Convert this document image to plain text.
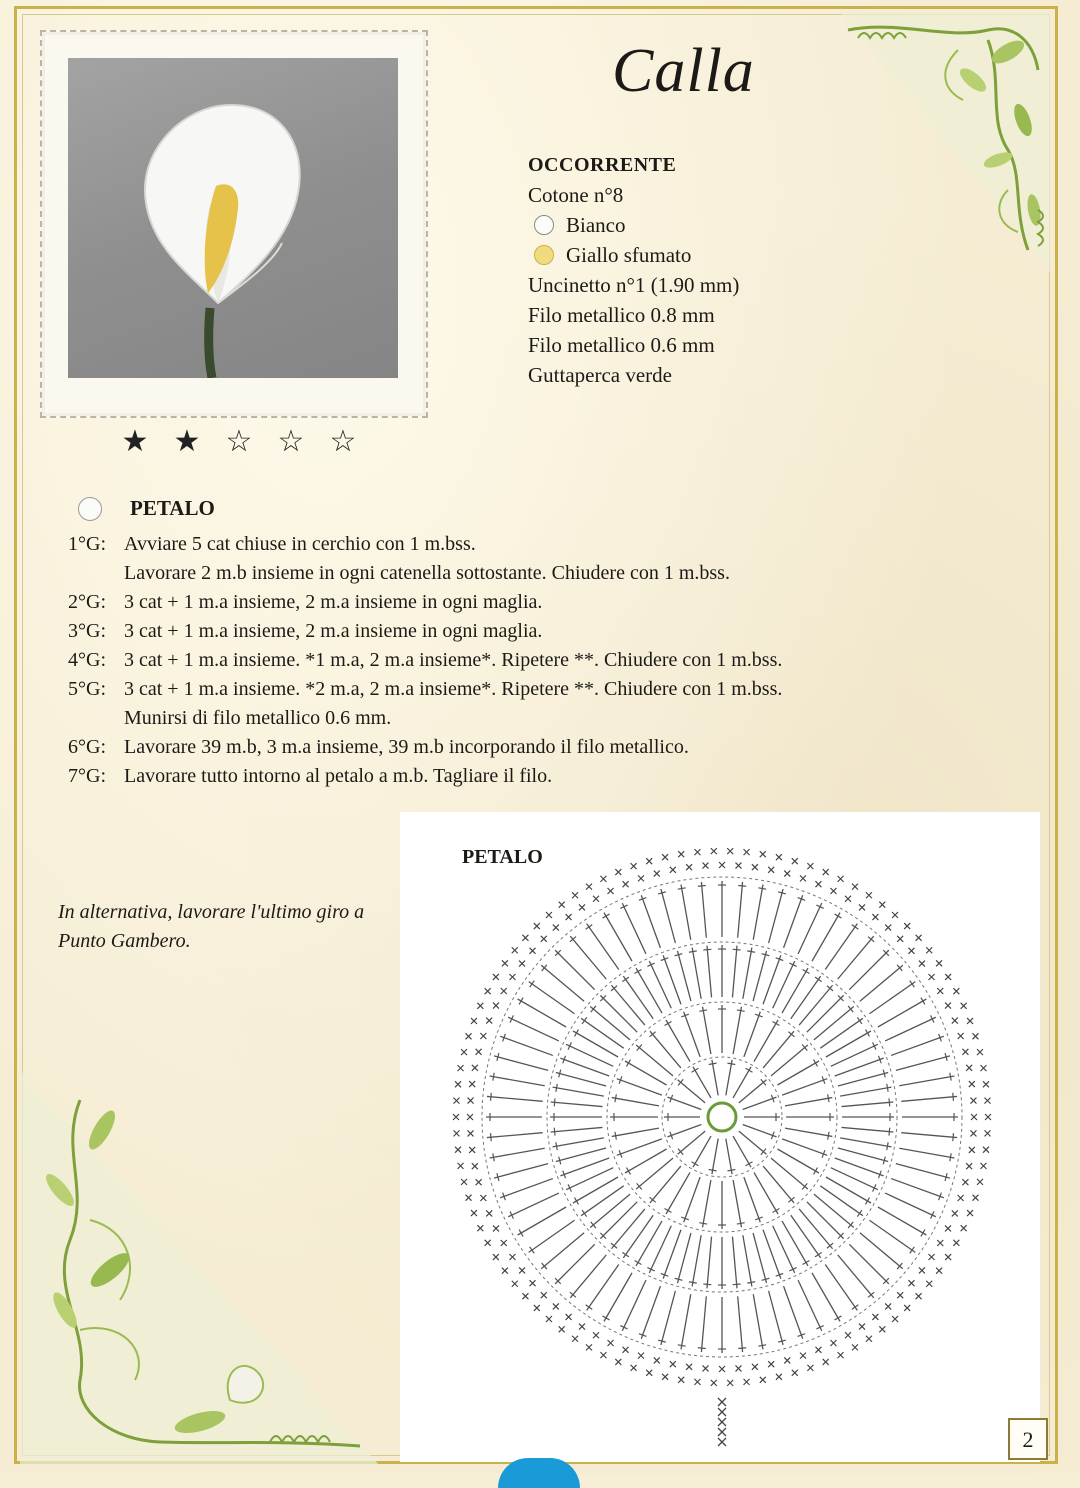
★ ★ ☆ ☆ ☆
Calla
OCCORRENTE
Cotone n°8
Bianco
Giallo sfumato
Uncinetto n°1 (1.90 mm)
Filo metallico 0.8 mm
Filo metallico 0.6 mm
Guttaperca verde
PETALO
1°G: Avviare 5 cat chiuse in cerchio con 1 m.bss.
Lavorare 2 m.b insieme in ogni catenella sottostante. Chiudere con 1 m.bss.
2°G: 3 cat + 1 m.a insieme, 2 m.a insieme in ogni maglia.
3°G: 3 cat + 1 m.a insieme, 2 m.a insieme in ogni maglia.
4°G: 3 cat + 1 m.a insieme. *1 m.a, 2 m.a insieme*. Ripetere **. Chiudere con 1 m.bss.
5°G: 3 cat + 1 m.a insieme. *2 m.a, 2 m.a insieme*. Ripetere **. Chiudere con 1 m.bss.
Munirsi di filo metallico 0.6 mm.
6°G: Lavorare 39 m.b, 3 m.a insieme, 39 m.b incorporando il filo metallico.
7°G: Lavorare tutto intorno al petalo a m.b. Tagliare il filo.
In alternativa, lavorare l'ultimo giro a Punto Gambero.
PETALO
2
